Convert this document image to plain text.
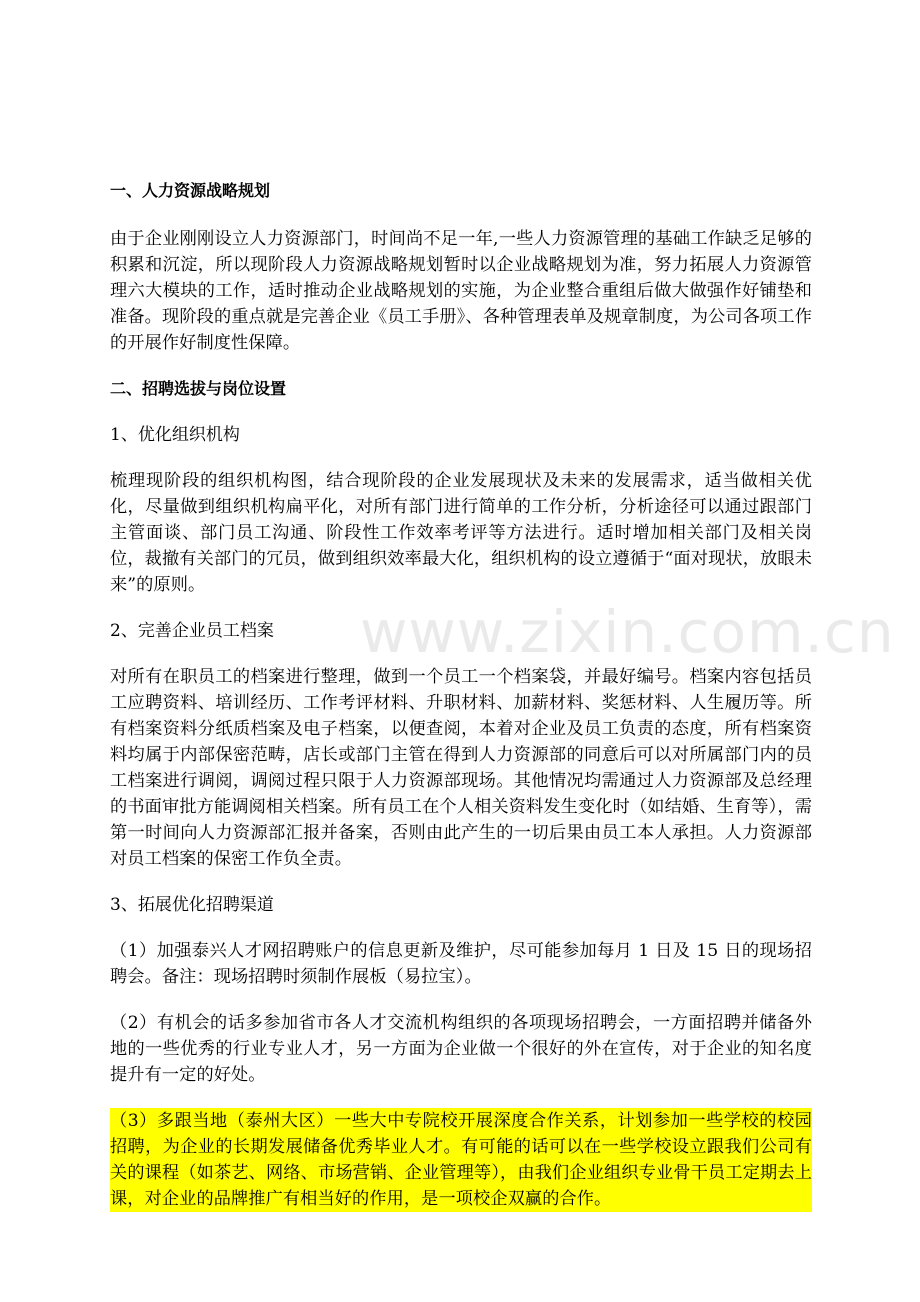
www.zixin.com.cn
一、人力资源战略规划
由于企业刚刚设立人力资源部门，时间尚不足一年,一些人力资源管理的基础工作缺乏足够的积累和沉淀，所以现阶段人力资源战略规划暂时以企业战略规划为准，努力拓展人力资源管理六大模块的工作，适时推动企业战略规划的实施，为企业整合重组后做大做强作好铺垫和准备。现阶段的重点就是完善企业《员工手册》、各种管理表单及规章制度，为公司各项工作的开展作好制度性保障。
二、招聘选拔与岗位设置
1、优化组织机构
梳理现阶段的组织机构图，结合现阶段的企业发展现状及未来的发展需求，适当做相关优化，尽量做到组织机构扁平化，对所有部门进行简单的工作分析，分析途径可以通过跟部门主管面谈、部门员工沟通、阶段性工作效率考评等方法进行。适时增加相关部门及相关岗位，裁撤有关部门的冗员，做到组织效率最大化，组织机构的设立遵循于“面对现状，放眼未来”的原则。
2、完善企业员工档案
对所有在职员工的档案进行整理，做到一个员工一个档案袋，并最好编号。档案内容包括员工应聘资料、培训经历、工作考评材料、升职材料、加薪材料、奖惩材料、人生履历等。所有档案资料分纸质档案及电子档案，以便查阅，本着对企业及员工负责的态度，所有档案资料均属于内部保密范畴，店长或部门主管在得到人力资源部的同意后可以对所属部门内的员工档案进行调阅，调阅过程只限于人力资源部现场。其他情况均需通过人力资源部及总经理的书面审批方能调阅相关档案。所有员工在个人相关资料发生变化时（如结婚、生育等），需第一时间向人力资源部汇报并备案，否则由此产生的一切后果由员工本人承担。人力资源部对员工档案的保密工作负全责。
3、拓展优化招聘渠道
（1）加强泰兴人才网招聘账户的信息更新及维护，尽可能参加每月 1 日及 15 日的现场招聘会。备注：现场招聘时须制作展板（易拉宝）。
（2）有机会的话多参加省市各人才交流机构组织的各项现场招聘会，一方面招聘并储备外地的一些优秀的行业专业人才，另一方面为企业做一个很好的外在宣传，对于企业的知名度提升有一定的好处。
（3）多跟当地（泰州大区）一些大中专院校开展深度合作关系，计划参加一些学校的校园招聘，为企业的长期发展储备优秀毕业人才。有可能的话可以在一些学校设立跟我们公司有关的课程（如茶艺、网络、市场营销、企业管理等），由我们企业组织专业骨干员工定期去上课，对企业的品牌推广有相当好的作用，是一项校企双赢的合作。
